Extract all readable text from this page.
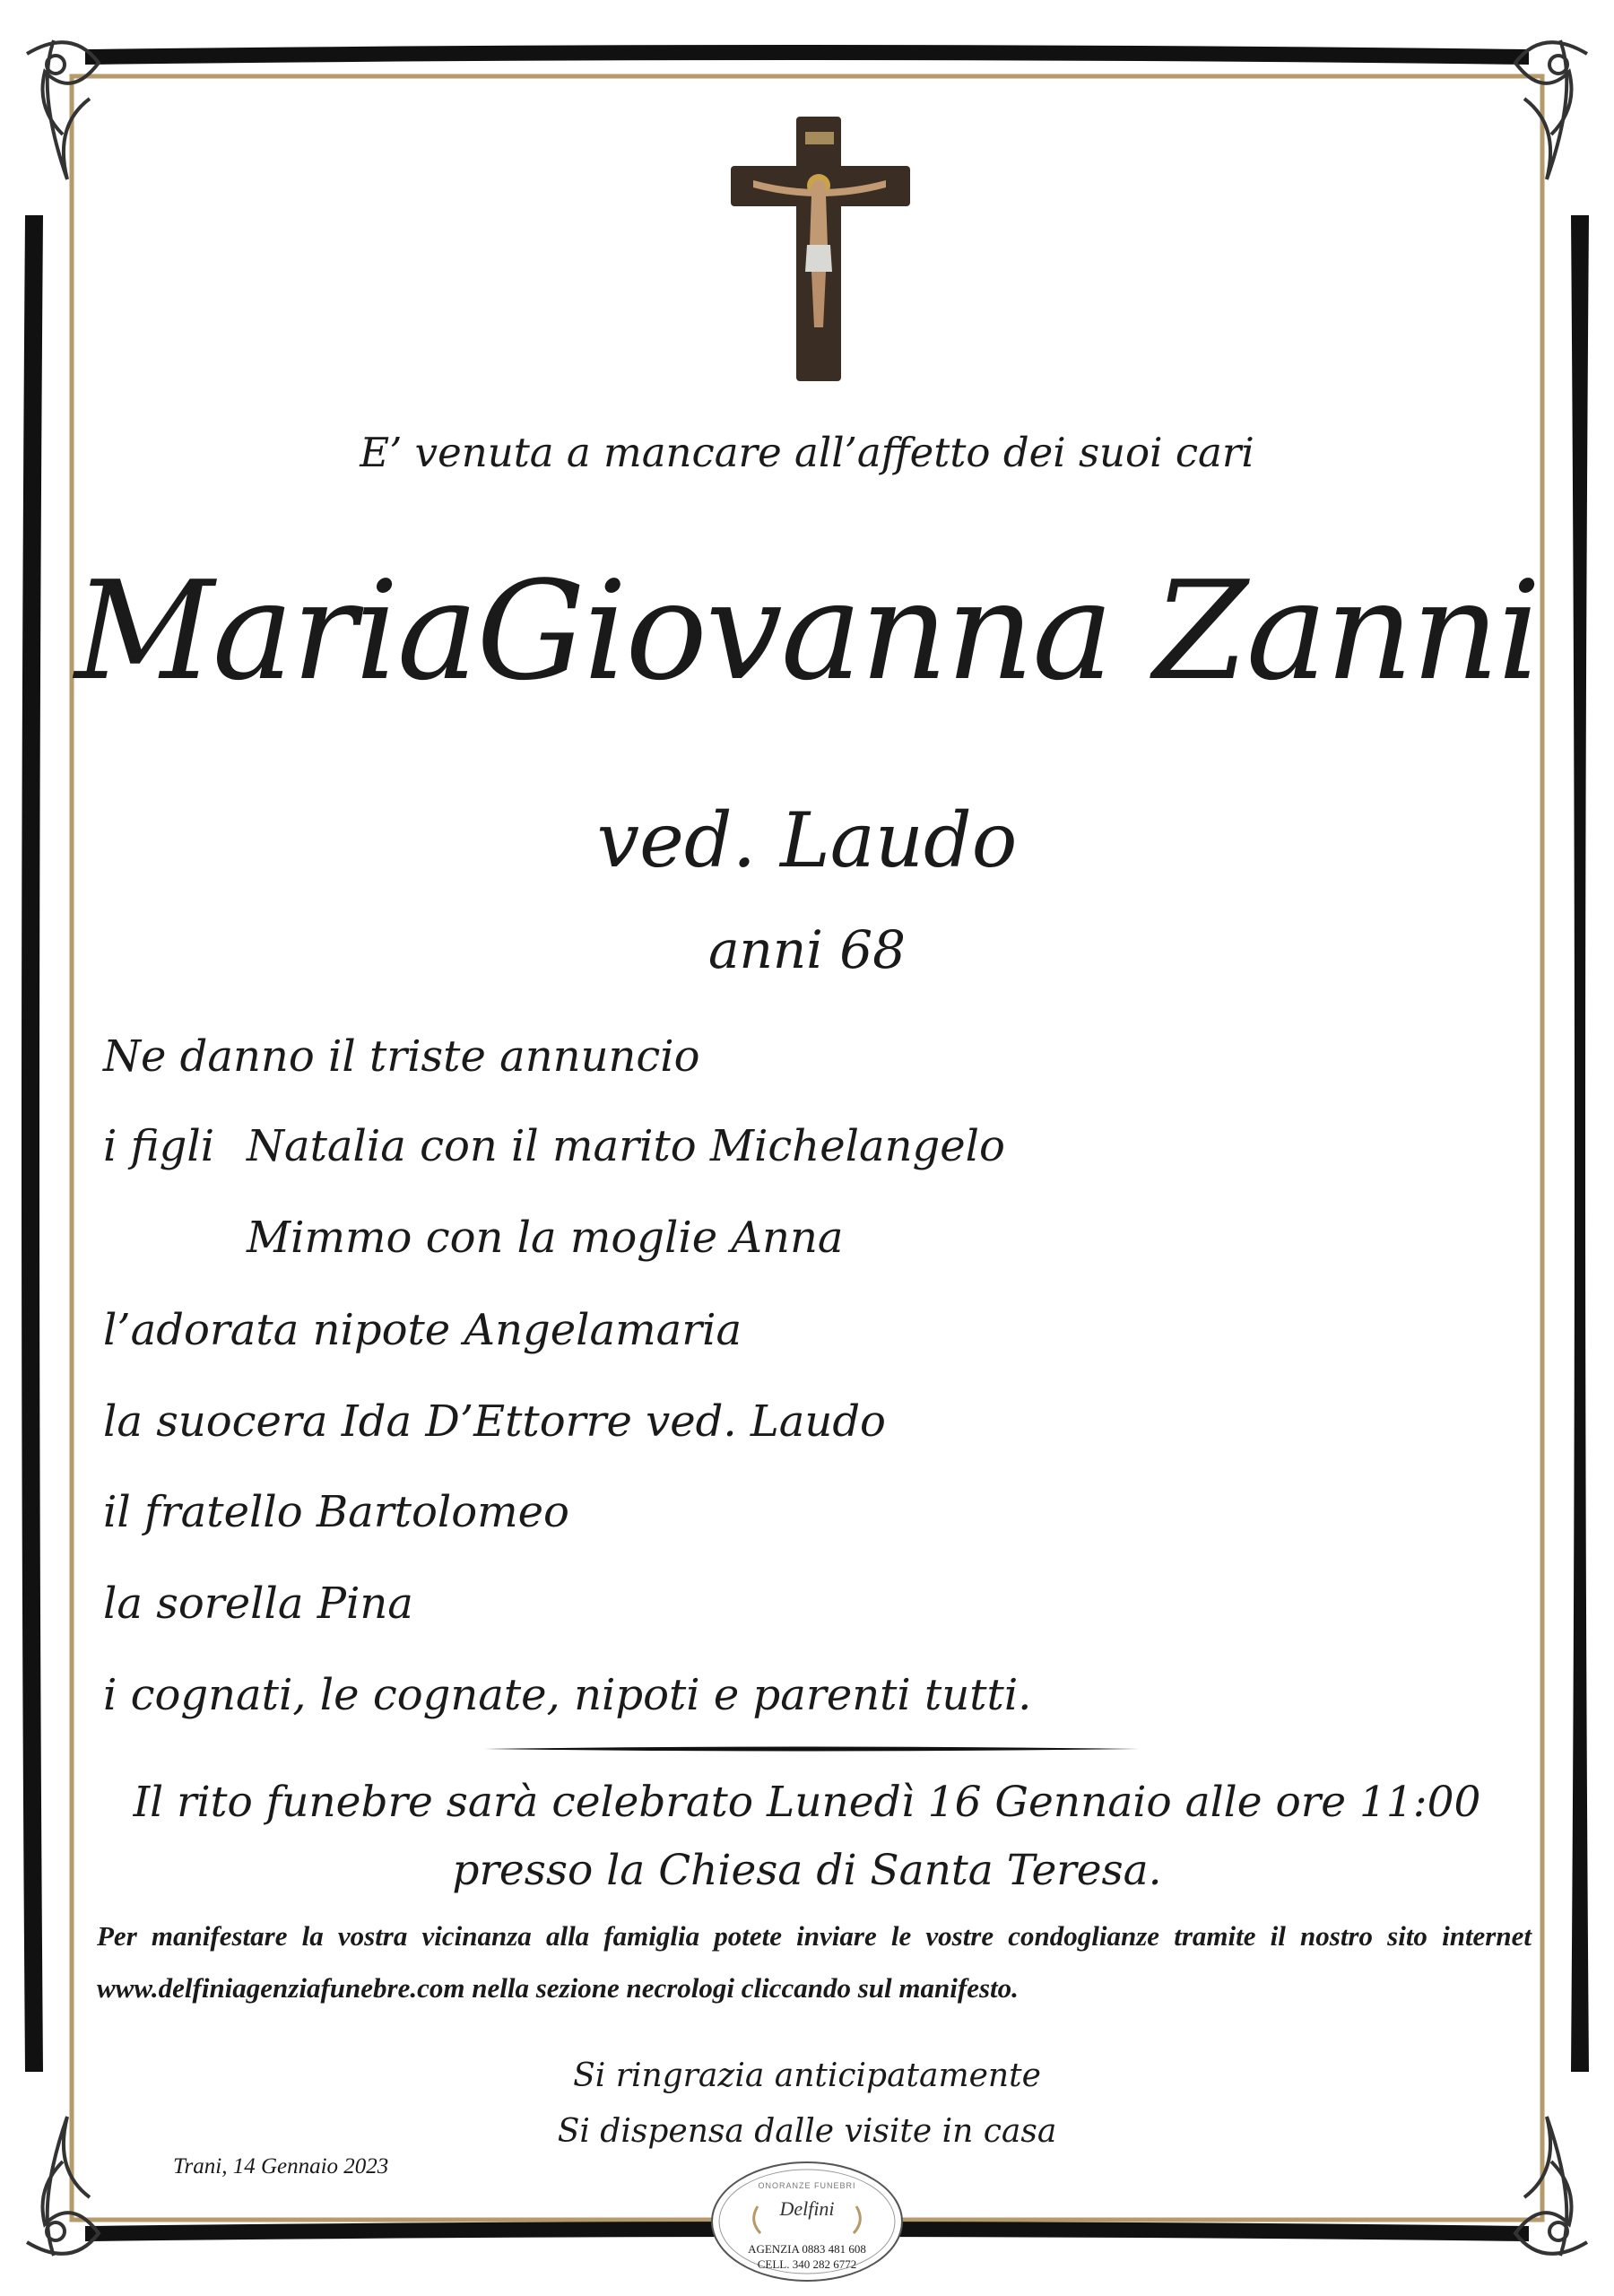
E’ venuta a mancare all’affetto dei suoi cari
MariaGiovanna Zanni
ved. Laudo
anni 68
Ne danno il triste annuncio
i figli Natalia con il marito Michelangelo
Mimmo con la moglie Anna
l’adorata nipote Angelamaria
la suocera Ida D’Ettorre ved. Laudo
il fratello Bartolomeo
la sorella Pina
i cognati, le cognate, nipoti e parenti tutti.
Il rito funebre sarà celebrato Lunedì 16 Gennaio alle ore 11:00
presso la Chiesa di Santa Teresa.
Per manifestare la vostra vicinanza alla famiglia potete inviare le vostre condoglianze tramite il nostro sito internet www.delfiniagenziafunebre.com nella sezione necrologi cliccando sul manifesto.
Si ringrazia anticipatamente
Si dispensa dalle visite in casa
Trani, 14 Gennaio 2023
ONORANZE FUNEBRI
Delfini
AGENZIA 0883 481 608
CELL. 340 282 6772
